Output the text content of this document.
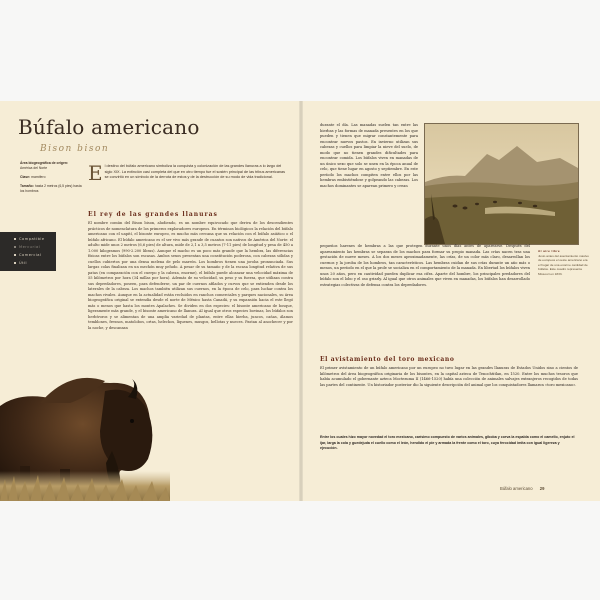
Búfalo americano
Bison bison
Área biogeográfica de origen:
América del Norte
Clase: mamífero
Tamaño: hasta 2 metros (6,5 pies) hasta los hombros
El destino del búfalo americano simboliza la conquista y colonización de las grandes llanuras a lo largo del siglo XIX. La extinción casi completa del que en otro tiempo fue el sostén principal de las tribus americanas se convirtió en un símbolo de la derrota de estos y de la destrucción de su modo de vida tradicional.
El rey de las grandes llanuras

El nombre común del Bison bison, aludiendo, es un nombre equivocado que deriva de los descendientes prácticos de nomenclatura de los primeros exploradores europeos. En términos biológicos la relación del búfalo americano con el uapití, el bisonte europeo, es mucho más cercana que su relación con el búfalo asiático o el búfalo africano. El búfalo americano es el ser vivo más grande de cuantos son nativos de América del Norte: el adulto mide unos 2 metros (6,6 pies) de altura, mide de 2,1 a 3,5 metros (7-11 pies) de longitud y pesa de 450 a 1.000 kilogramos (990-2.200 libras). Aunque el macho es un poco más grande que la hembra, las diferencias físicas entre los búfalos son escasas. Ambos sexos presentan una constitución poderosa, con cabezas sólidas y cuellos cubiertos por una densa melena de pelo marrón. Los hombros tienen una joroba pronunciada. Sus largas colas finalizan en un mechón muy peludo. A pesar de su tamaño y de la escasa longitud relativa de sus patas (en comparación con el cuerpo y la cabeza, enorme), el búfalo puede alcanzar una velocidad máxima de 55 kilómetros por hora (34 millas por hora). Además de su velocidad, su peso y su fuerza, que utilizan contra sus depredadores, poseen, para defenderse, un par de cuernos afilados y curvos que se extienden desde los laterales de la cabeza. Los machos también utilizan sus cuernos, en la época de celo, para luchar contra los machos rivales. Aunque en la actualidad están recluidos en ranchos comerciales y parques nacionales, su área biogeográfica original se extendía desde el norte de México hasta Canadá, y su expansión hacia el este llegó más o menos que hasta los montes Apalaches. Se dividen en dos especies: el bisonte americano de bosque, ligeramente más grande, y el bisonte americano de llanura. Al igual que otros especies bovinas, los búfalos son herbívoros y se alimentan de una amplia variedad de plantas, entre ellas hierba, juncos, cañas, álamos temblones, fresnos, matolobos, ortas, helechos, líquenes, musgos, bellotas y nueces. Pastan al anochecer y por la noche, y descansan

Compatible
Mercurial
Comercial
Útil

durante el día. Las manadas suelen tan entre las hierbas y las formas de manada presentes en los que pueden y tienen que migrar constantemente para encontrar nuevos pastos. En invierno utilizan sus cabezas y cuellos para limpiar la nieve del suelo, de modo que no tienen grandes dificultades para encontrar comida. Los búfalos viven en manadas de un único sexo que solo se unen en la época anual de celo, que tiene lugar en agosto y septiembre. En este período los machos compiten entre ellos por las hembras embistiéndose y golpeando las cabezas. Los machos dominantes se aparean primero y crean

Al aire libre
Justo antes del asentamiento masivo de europeos el oeste americano era el hogar de una enorme cantidad de búfalos. Este cuadro representa Missouri en 1833.

pequeños harenes de hembras a las que protegen durante unos días antes de aparearse. Después del apareamiento las hembras se separan de los machos para formar su propio manada. Las crías nacen tras una gestación de nueve meses. A los dos meses aproximadamente, las crías, de un color más claro, desarrollan los cuernos y la joroba de los hombros, tan característicos. Las hembras cuidan de sus crías durante un año más o menos, un período en el que la prole se socializa en el comportamiento de la manada. En libertad los búfalos viven unos 20 años, pero en cautividad pueden duplicar esa cifra. Aparte del hombre, los principales predadores del búfalo son el lobo y el oso grizzly. Al igual que otros animales que viven en manadas, los búfalos han desarrollado estrategias colectivas de defensa contra los depredadores.

El avistamiento del toro mexicano

El primer avistamiento de un búfalo americano por un europeo no tuvo lugar en las grandes llanuras de Estados Unidos sino a cientos de kilómetros del área biogeográfica originaria de los bisontes, en la capital azteca de Tenochtitlan, en 1520. Entre los muchos tesoros que había acumulado el gobernante azteca Moctezuma II (1466-1520) había una colección de animales salvajes extranjeros recogidos de todas las partes del continente. Un historiador posterior dio la siguiente descripción del animal que los conquistadores llamaron «toro mexicano».

Entre los cuales hizo mayor novedad el toro mexicano, carísimo compuesto de varios animales, giboba y corva la espalda como el camello, enjuto el ijar, larga la cola y guedejuda el cuello como el león, hendido el pie y armada la frente como el toro, cuya ferocidad imita con igual ligereza y ejecución.

Búfalo americano 29
